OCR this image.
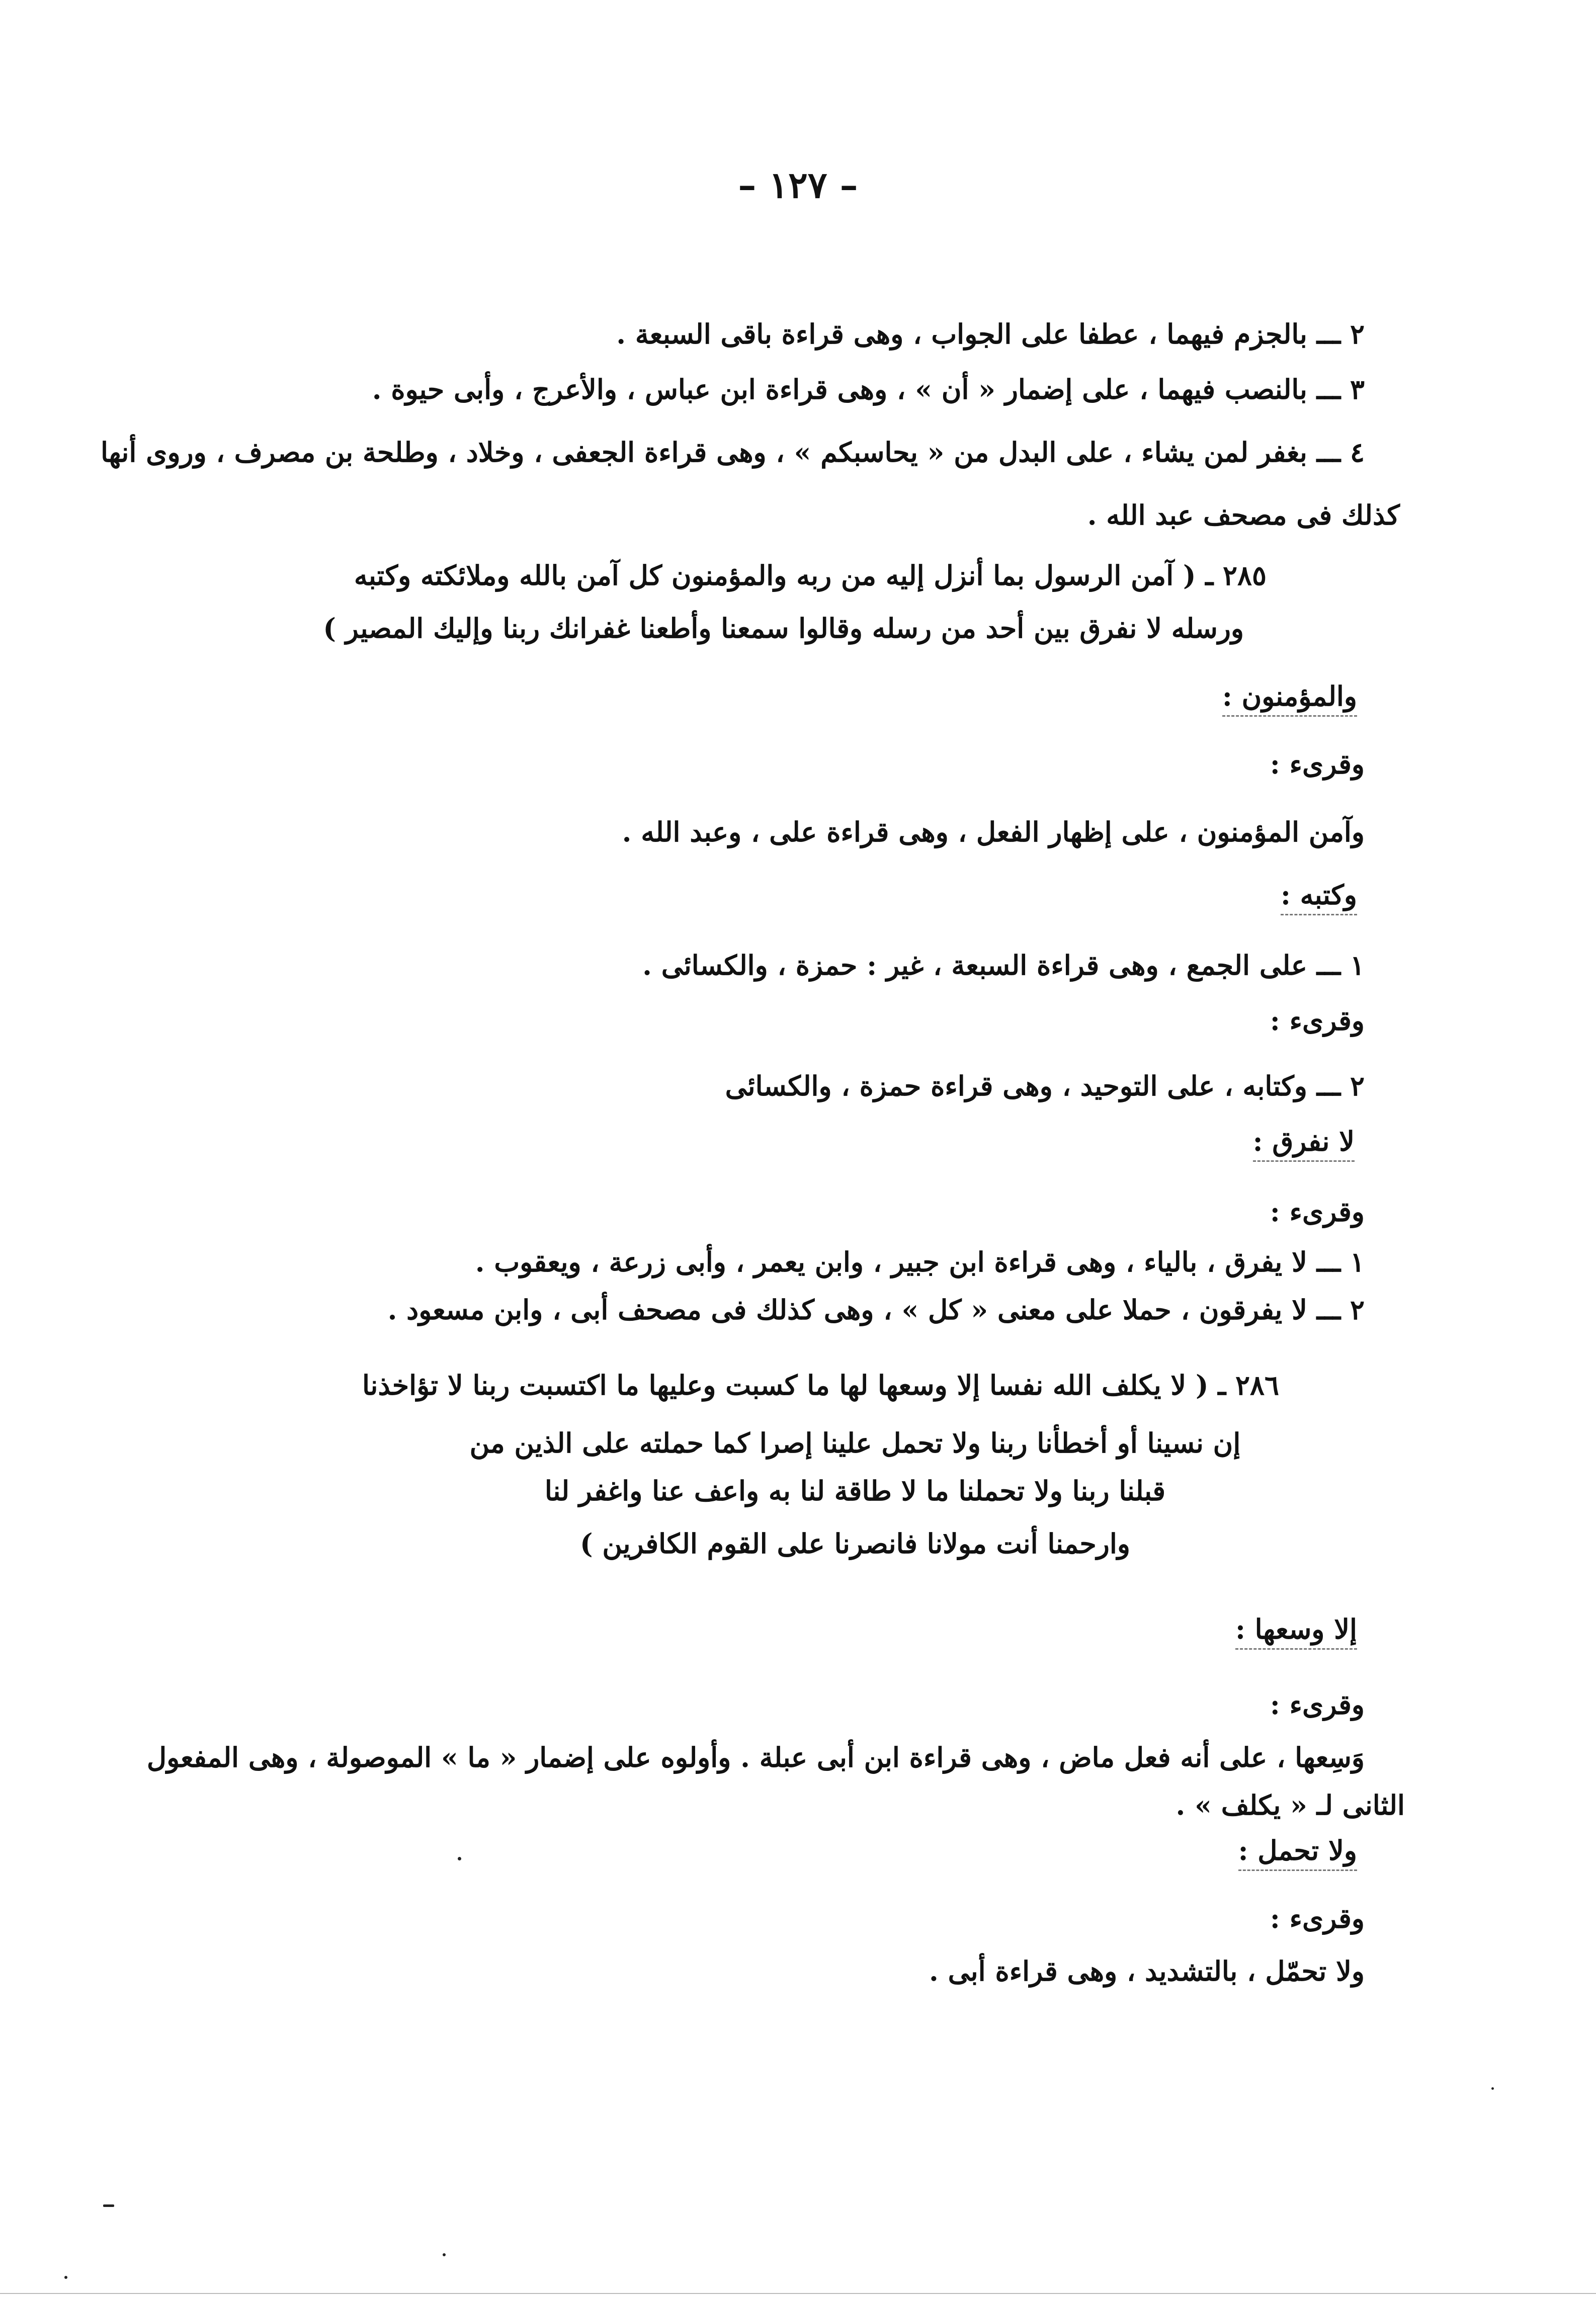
– ١٢٧ –
٢ ـــ بالجزم فيهما ، عطفا على الجواب ، وهى قراءة باقى السبعة .
٣ ـــ بالنصب فيهما ، على إضمار « أن » ، وهى قراءة ابن عباس ، والأعرج ، وأبى حيوة .
٤ ـــ بغفر لمن يشاء ، على البدل من « يحاسبكم » ، وهى قراءة الجعفى ، وخلاد ، وطلحة بن مصرف ، وروى أنها
كذلك فى مصحف عبد الله .
٢٨٥ ـ ( آمن الرسول بما أنزل إليه من ربه والمؤمنون كل آمن بالله وملائكته وكتبه
ورسله لا نفرق بين أحد من رسله وقالوا سمعنا وأطعنا غفرانك ربنا وإليك المصير )
والمؤمنون :
وقرىء :
وآمن المؤمنون ، على إظهار الفعل ، وهى قراءة على ، وعبد الله .
وكتبه :
١ ـــ على الجمع ، وهى قراءة السبعة ، غير : حمزة ، والكسائى .
وقرىء :
٢ ـــ وكتابه ، على التوحيد ، وهى قراءة حمزة ، والكسائى
لا نفرق :
وقرىء :
١ ـــ لا يفرق ، بالياء ، وهى قراءة ابن جبير ، وابن يعمر ، وأبى زرعة ، ويعقوب .
٢ ـــ لا يفرقون ، حملا على معنى « كل » ، وهى كذلك فى مصحف أبى ، وابن مسعود .
٢٨٦ ـ ( لا يكلف الله نفسا إلا وسعها لها ما كسبت وعليها ما اكتسبت ربنا لا تؤاخذنا
إن نسينا أو أخطأنا ربنا ولا تحمل علينا إصرا كما حملته على الذين من
قبلنا ربنا ولا تحملنا ما لا طاقة لنا به واعف عنا واغفر لنا
وارحمنا أنت مولانا فانصرنا على القوم الكافرين )
إلا وسعها :
وقرىء :
وَسِعها ، على أنه فعل ماض ، وهى قراءة ابن أبى عبلة . وأولوه على إضمار « ما » الموصولة ، وهى المفعول
الثانى لـ « يكلف » .
ولا تحمل :
وقرىء :
ولا تحمّل ، بالتشديد ، وهى قراءة أبى .
